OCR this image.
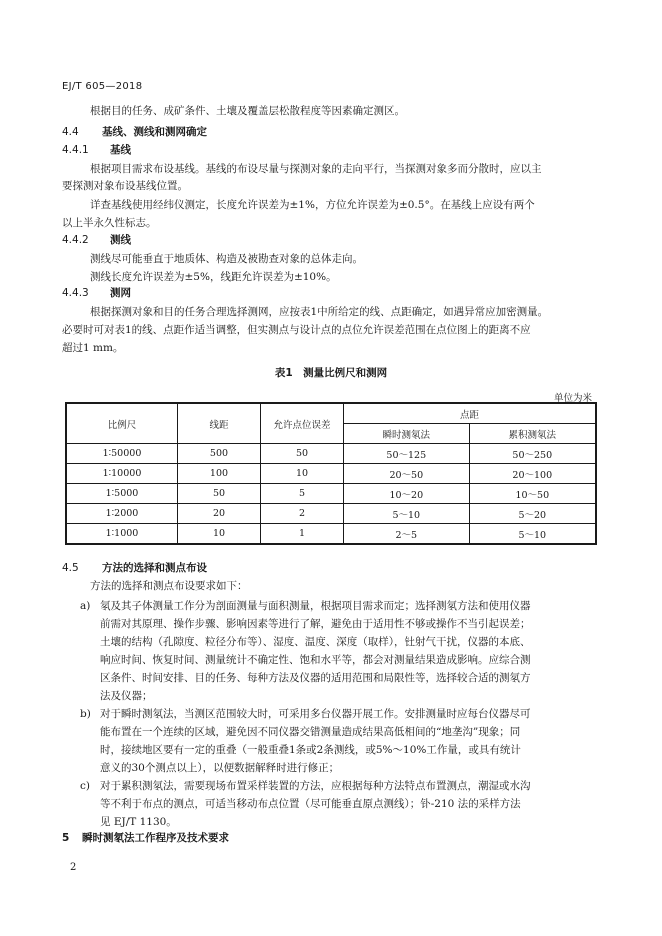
EJ/T 605—2018
根据目的任务、成矿条件、土壤及覆盖层松散程度等因素确定测区。
4.4 基线、测线和测网确定
4.4.1 基线
根据项目需求布设基线。基线的布设尽量与探测对象的走向平行，当探测对象多而分散时，应以主
要探测对象布设基线位置。
详查基线使用经纬仪测定，长度允许误差为±1%，方位允许误差为±0.5°。在基线上应设有两个
以上半永久性标志。
4.4.2 测线
测线尽可能垂直于地质体、构造及被勘查对象的总体走向。
测线长度允许误差为±5%，线距允许误差为±10%。
4.4.3 测网
根据探测对象和目的任务合理选择测网，应按表1中所给定的线、点距确定，如遇异常应加密测量。
必要时可对表1的线、点距作适当调整，但实测点与设计点的点位允许误差范围在点位图上的距离不应
超过1 mm。
表1　测量比例尺和测网
单位为米
比例尺	线距	允许点位误差	点距	
			瞬时测氡法	累积测氡法
1∶50000	500	50	50～125	50～250
1∶10000	100	10	20～50	20～100
1∶5000	50	5	10～20	10～50
1∶2000	20	2	5～10	5～20
1∶1000	10	1	2～5	5～10
4.5 方法的选择和测点布设
方法的选择和测点布设要求如下：
a) 氡及其子体测量工作分为剖面测量与面积测量，根据项目需求而定；选择测氡方法和使用仪器
前需对其原理、操作步骤、影响因素等进行了解，避免由于适用性不够或操作不当引起误差；
土壤的结构（孔隙度、粒径分布等）、湿度、温度、深度（取样），钍射气干扰，仪器的本底、
响应时间、恢复时间、测量统计不确定性、饱和水平等，都会对测量结果造成影响。应综合测
区条件、时间安排、目的任务、每种方法及仪器的适用范围和局限性等，选择较合适的测氡方
法及仪器；
b) 对于瞬时测氡法，当测区范围较大时，可采用多台仪器开展工作。安排测量时应每台仪器尽可
能布置在一个连续的区域，避免因不同仪器交错测量造成结果高低相间的“地垄沟”现象；同
时，接续地区要有一定的重叠（一般重叠1条或2条测线，或5%～10%工作量，或具有统计
意义的30个测点以上），以便数据解释时进行修正；
c) 对于累积测氡法，需要现场布置采样装置的方法，应根据每种方法特点布置测点，潮湿或水沟
等不利于布点的测点，可适当移动布点位置（尽可能垂直原点测线）；钋-210 法的采样方法
见 EJ/T 1130。
5 瞬时测氡法工作程序及技术要求
2
